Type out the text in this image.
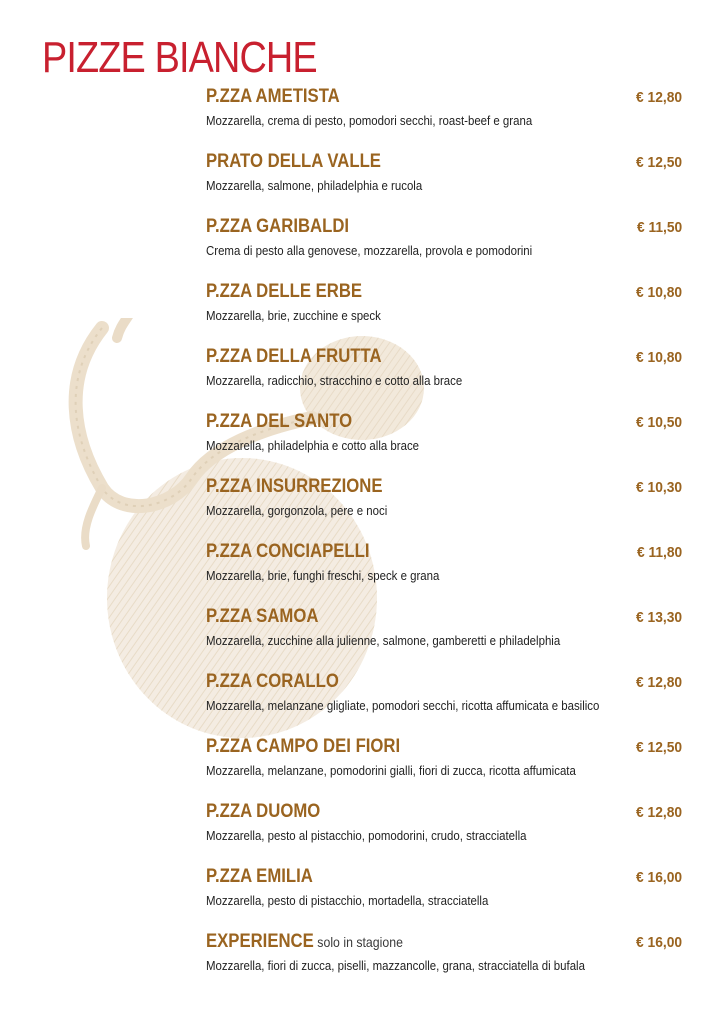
PIZZE BIANCHE
P.ZZA AMETISTA	€ 12,80
Mozzarella, crema di pesto, pomodori secchi, roast-beef e grana
PRATO DELLA VALLE	€ 12,50
Mozzarella, salmone, philadelphia e rucola
P.ZZA GARIBALDI	€ 11,50
Crema di pesto alla genovese, mozzarella, provola e pomodorini
P.ZZA DELLE ERBE	€ 10,80
Mozzarella, brie, zucchine e speck
P.ZZA DELLA FRUTTA	€ 10,80
Mozzarella, radicchio, stracchino e cotto alla brace
P.ZZA DEL SANTO	€ 10,50
Mozzarella, philadelphia e cotto alla brace
P.ZZA INSURREZIONE	€ 10,30
Mozzarella, gorgonzola, pere e noci
P.ZZA CONCIAPELLI	€ 11,80
Mozzarella, brie, funghi freschi, speck e grana
P.ZZA SAMOA	€ 13,30
Mozzarella, zucchine alla julienne, salmone, gamberetti e philadelphia
P.ZZA CORALLO	€ 12,80
Mozzarella, melanzane gligliate, pomodori secchi, ricotta affumicata e basilico
P.ZZA CAMPO DEI FIORI	€ 12,50
Mozzarella, melanzane, pomodorini gialli, fiori di zucca, ricotta affumicata
P.ZZA DUOMO	€ 12,80
Mozzarella, pesto al pistacchio, pomodorini, crudo, stracciatella
P.ZZA EMILIA	€ 16,00
Mozzarella, pesto di pistacchio, mortadella, stracciatella
EXPERIENCE solo in stagione	€ 16,00
Mozzarella, fiori di zucca, piselli, mazzancolle, grana, stracciatella di bufala
